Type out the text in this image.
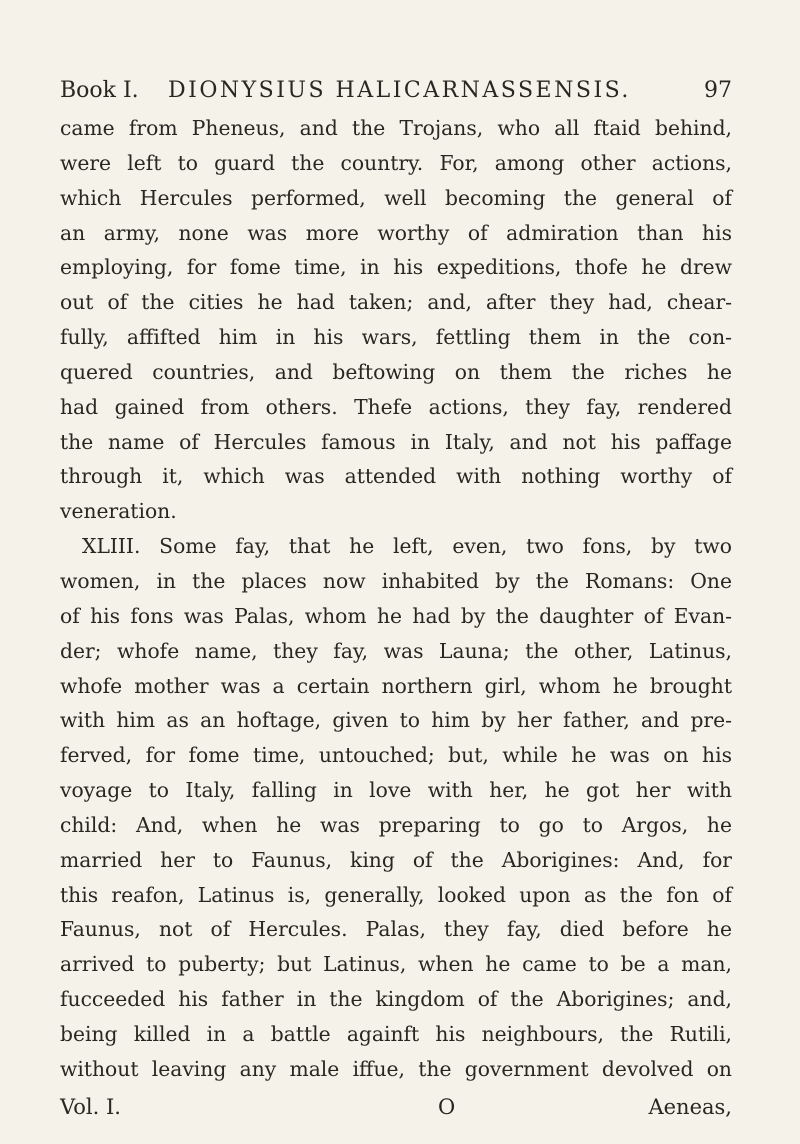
Book I. DIONYSIUS HALICARNASSENSIS.	97
came from Pheneus, and the Trojans, who all ftaid behind,
were left to guard the country. For, among other actions,
which Hercules performed, well becoming the general of
an army, none was more worthy of admiration than his
employing, for fome time, in his expeditions, thofe he drew
out of the cities he had taken; and, after they had, chear-
fully, affifted him in his wars, fettling them in the con-
quered countries, and beftowing on them the riches he
had gained from others. Thefe actions, they fay, rendered
the name of Hercules famous in Italy, and not his paffage
through it, which was attended with nothing worthy of
veneration.
XLIII. Some fay, that he left, even, two fons, by two
women, in the places now inhabited by the Romans: One
of his fons was Palas, whom he had by the daughter of Evan-
der; whofe name, they fay, was Launa; the other, Latinus,
whofe mother was a certain northern girl, whom he brought
with him as an hoftage, given to him by her father, and pre-
ferved, for fome time, untouched; but, while he was on his
voyage to Italy, falling in love with her, he got her with
child: And, when he was preparing to go to Argos, he
married her to Faunus, king of the Aborigines: And, for
this reafon, Latinus is, generally, looked upon as the fon of
Faunus, not of Hercules. Palas, they fay, died before he
arrived to puberty; but Latinus, when he came to be a man,
fucceeded his father in the kingdom of the Aborigines; and,
being killed in a battle againft his neighbours, the Rutili,
without leaving any male iffue, the government devolved on
Vol. I.	O	Aeneas,
